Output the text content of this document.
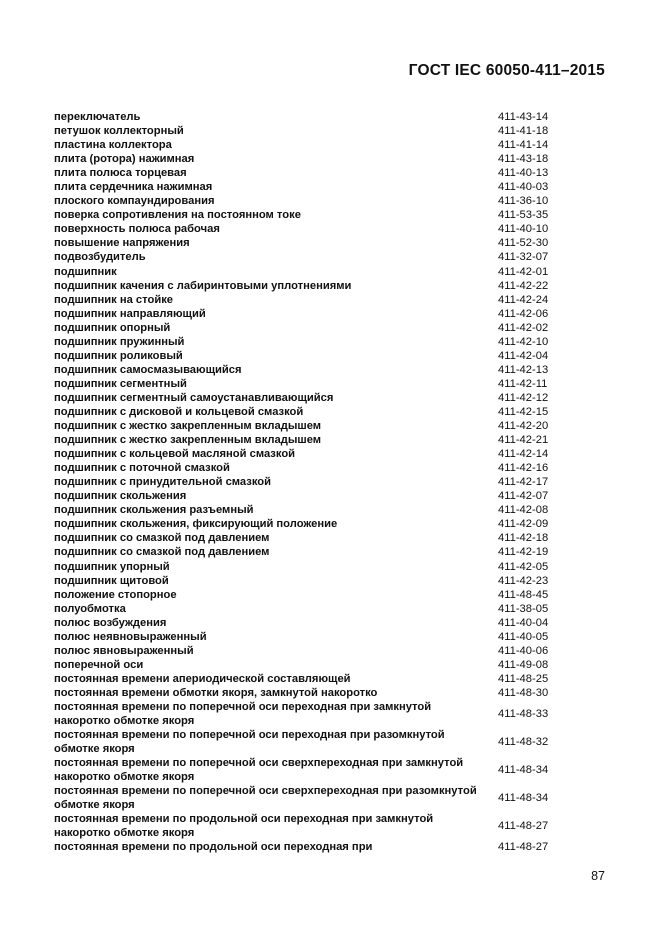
ГОСТ IEC 60050-411–2015
переключатель	411-43-14
петушок коллекторный	411-41-18
пластина коллектора	411-41-14
плита (ротора) нажимная	411-43-18
плита полюса торцевая	411-40-13
плита сердечника нажимная	411-40-03
плоского компаундирования	411-36-10
поверка сопротивления на постоянном токе	411-53-35
поверхность полюса рабочая	411-40-10
повышение напряжения	411-52-30
подвозбудитель	411-32-07
подшипник	411-42-01
подшипник качения с лабиринтовыми уплотнениями	411-42-22
подшипник на стойке	411-42-24
подшипник направляющий	411-42-06
подшипник опорный	411-42-02
подшипник пружинный	411-42-10
подшипник роликовый	411-42-04
подшипник самосмазывающийся	411-42-13
подшипник сегментный	411-42-11
подшипник сегментный самоустанавливающийся	411-42-12
подшипник с дисковой и кольцевой смазкой	411-42-15
подшипник с жестко закрепленным вкладышем	411-42-20
подшипник с жестко закрепленным вкладышем	411-42-21
подшипник с кольцевой масляной смазкой	411-42-14
подшипник с поточной смазкой	411-42-16
подшипник с принудительной смазкой	411-42-17
подшипник скольжения	411-42-07
подшипник скольжения разъемный	411-42-08
подшипник скольжения, фиксирующий положение	411-42-09
подшипник со смазкой под давлением	411-42-18
подшипник со смазкой под давлением	411-42-19
подшипник упорный	411-42-05
подшипник щитовой	411-42-23
положение стопорное	411-48-45
полуобмотка	411-38-05
полюс возбуждения	411-40-04
полюс неявновыраженный	411-40-05
полюс явновыраженный	411-40-06
поперечной оси	411-49-08
постоянная времени апериодической составляющей	411-48-25
постоянная времени обмотки якоря, замкнутой накоротко	411-48-30
постоянная времени по поперечной оси переходная при замкнутой накоротко обмотке якоря	411-48-33
постоянная времени по поперечной оси переходная при разомкнутой обмотке якоря	411-48-32
постоянная времени по поперечной оси сверхпереходная при замкнутой накоротко обмотке якоря	411-48-34
постоянная времени по поперечной оси сверхпереходная при разомкнутой обмотке якоря	411-48-34
постоянная времени по продольной оси переходная при замкнутой накоротко обмотке якоря	411-48-27
постоянная времени по продольной оси переходная при	411-48-27
87
